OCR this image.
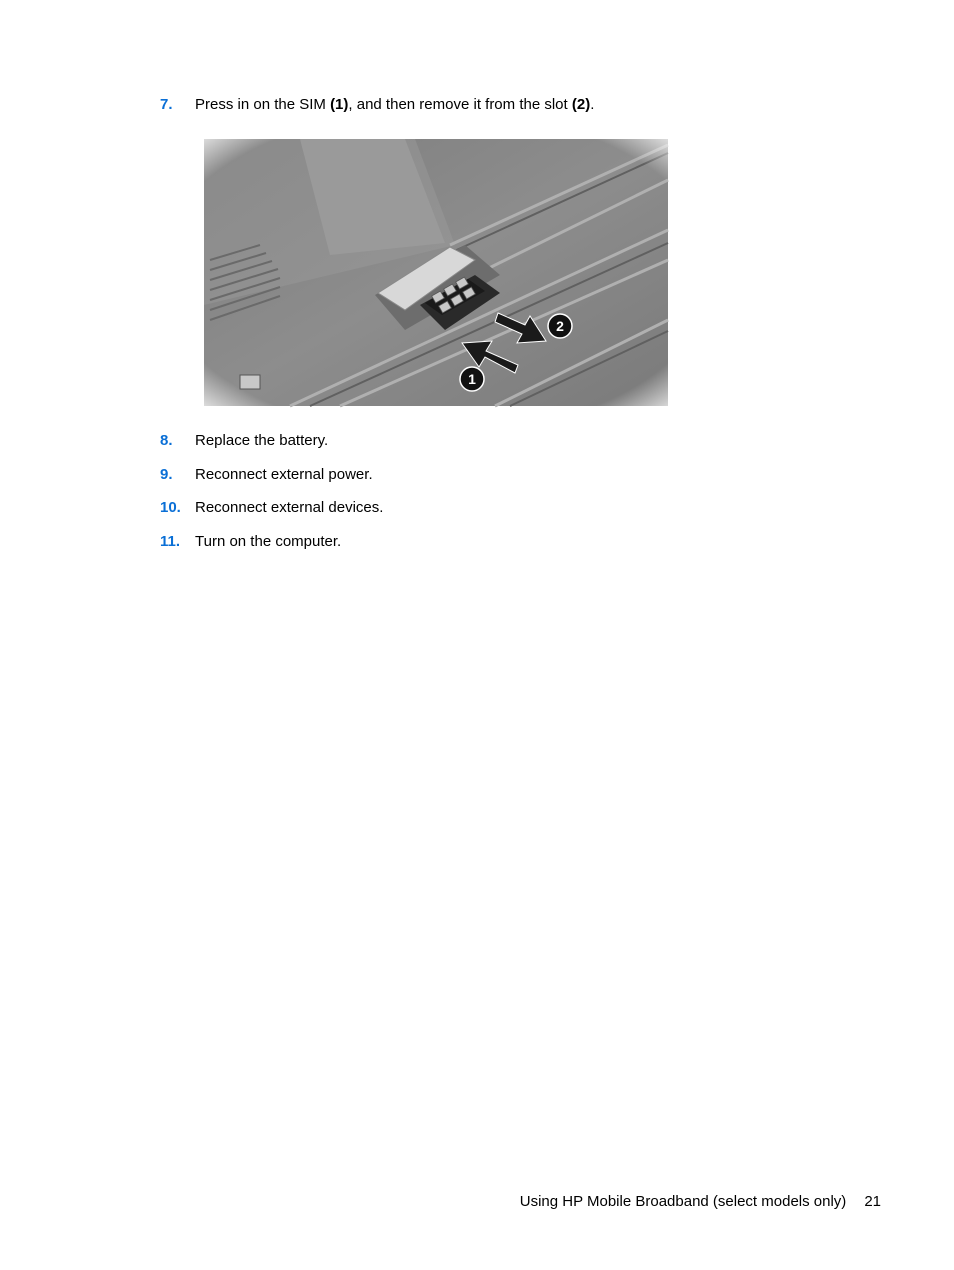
7. Press in on the SIM (1), and then remove it from the slot (2).
8. Replace the battery.
9. Reconnect external power.
10. Reconnect external devices.
11. Turn on the computer.
Using HP Mobile Broadband (select models only) 21
